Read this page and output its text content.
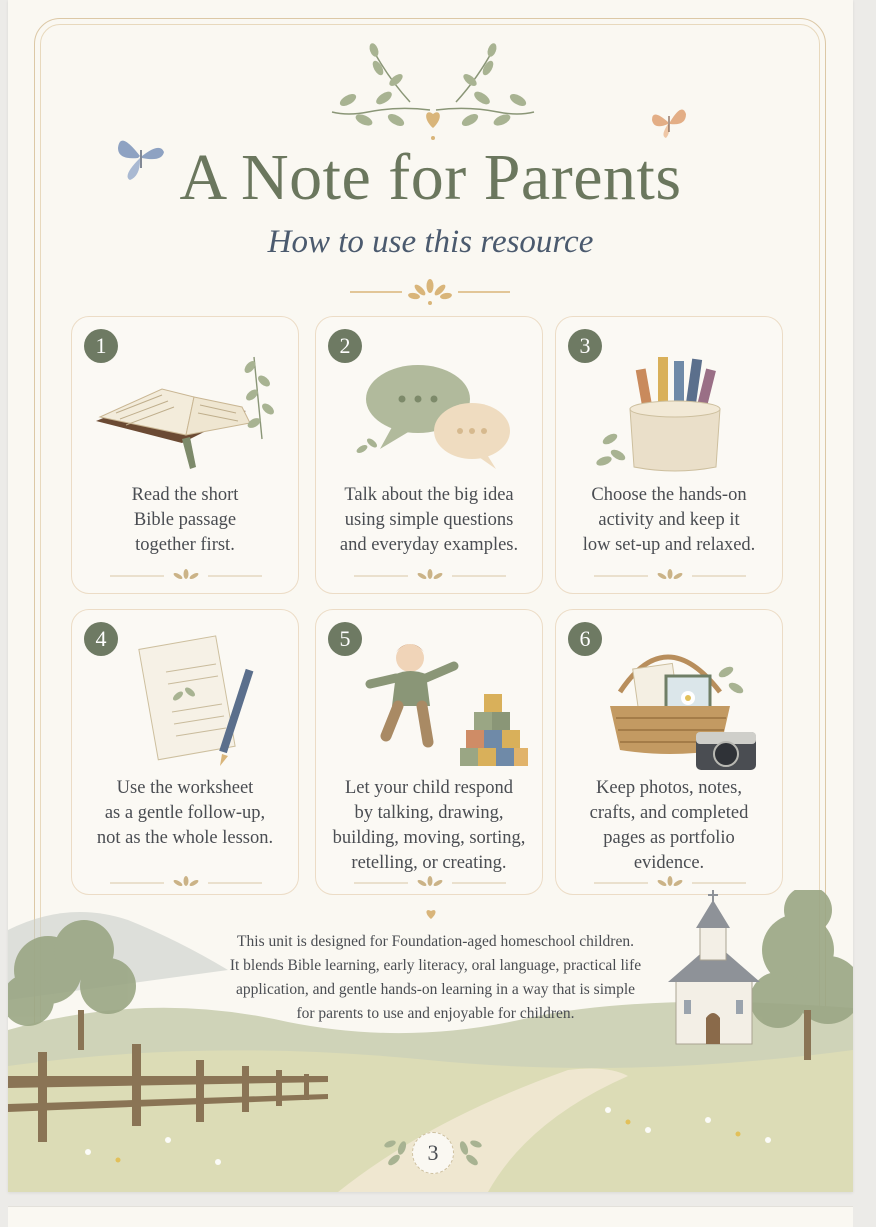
A Note for Parents
How to use this resource
1
Read the short
Bible passage
together first.
2
Talk about the big idea
using simple questions
and everyday examples.
3
Choose the hands-on
activity and keep it
low set-up and relaxed.
4
Use the worksheet
as a gentle follow-up,
not as the whole lesson.
5
Let your child respond
by talking, drawing,
building, moving, sorting,
retelling, or creating.
6
Keep photos, notes,
crafts, and completed
pages as portfolio
evidence.
This unit is designed for Foundation-aged homeschool children.
It blends Bible learning, early literacy, oral language, practical life
application, and gentle hands-on learning in a way that is simple
for parents to use and enjoyable for children.
3
